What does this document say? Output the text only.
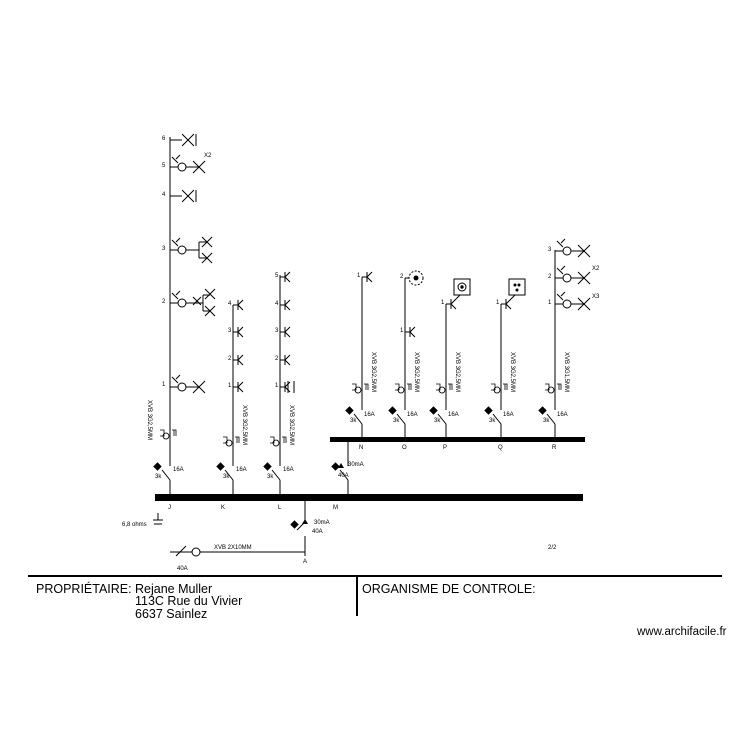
6,8 ohms
XVB 2X10MM
40A
40A
30mA
A
2/2
J	K	L	M
3k
16A
3k
16A
3k
16A
40A
30mA
N	O	P	Q	R
3k
16A
3k
16A
3k
16A
3k
16A
3k
16A
XVB 3G2,5MM	XVB 3G2,5MM	XVB 3G2,5MM
XVB 3G2,5MM	XVB 3G2,5MM	XVB 3G2,5MM	XVB 3G2,5MM	XVB 3G1,5MM
1
2
3
4
5
6
X2
1
2
3
4
1
2
3
4
5	1
1
2
1	1	1
2
3
X2
X3
PROPRIÉTAIRE: Rejane Muller
113C Rue du Vivier
6637 Sainlez
ORGANISME DE CONTROLE:
www.archifacile.fr
